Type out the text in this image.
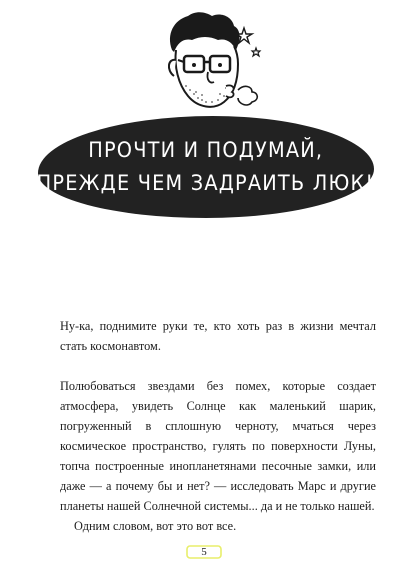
ПРОЧТИ И ПОДУМАЙ,
ПРЕЖДЕ ЧЕМ ЗАДРАИТЬ ЛЮК!

Ну-ка, поднимите руки те, кто хоть раз в жизни мечтал стать космонавтом.

Полюбоваться звездами без помех, которые создает атмосфера, увидеть Солнце как маленький шарик, погруженный в сплошную черноту, мчаться через космическое пространство, гулять по поверхности Луны, топча построенные инопланетянами песочные замки, или даже — а почему бы и нет? — исследовать Марс и другие планеты нашей Солнечной системы... да и не только нашей.

Одним словом, вот это вот все.

5
